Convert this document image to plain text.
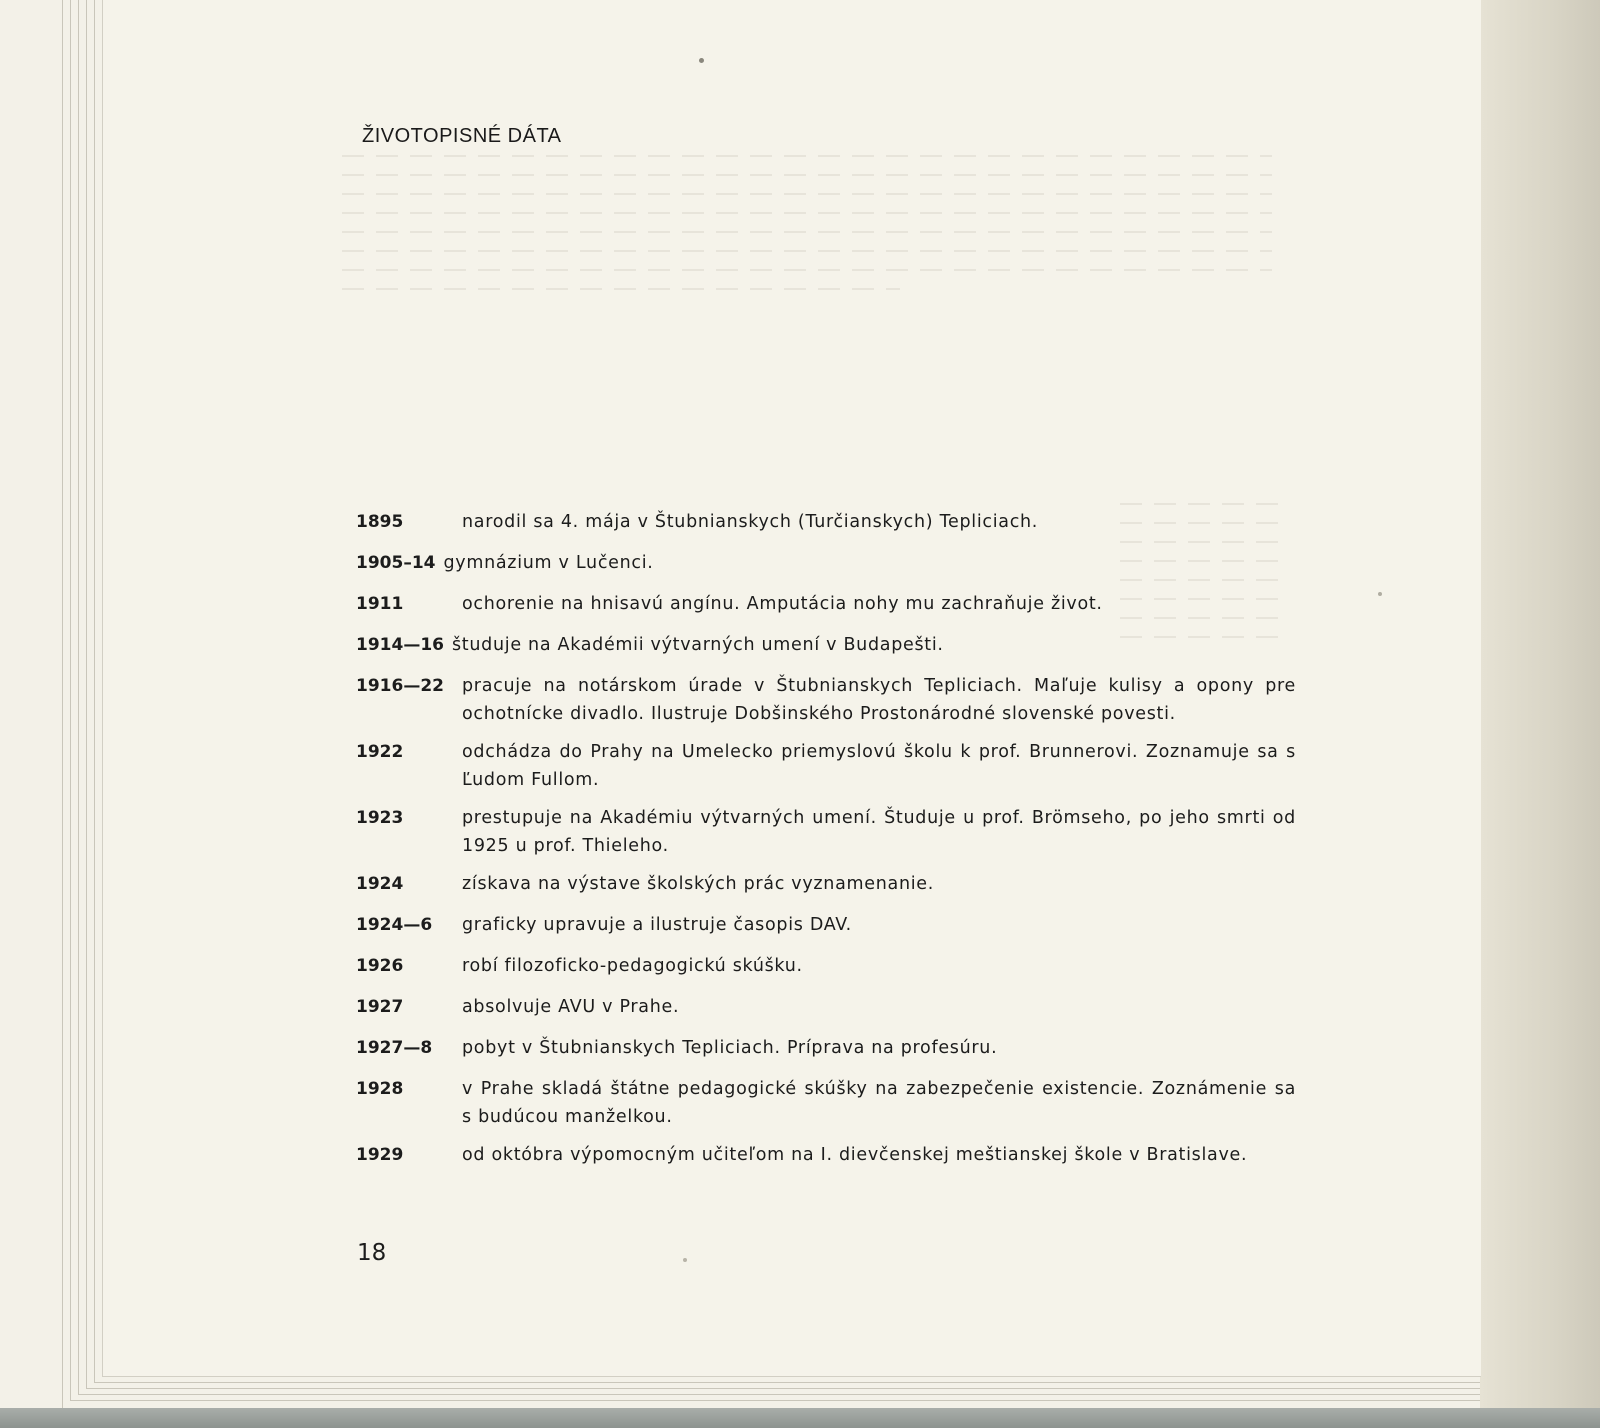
ŽIVOTOPISNÉ DÁTA
1895	narodil sa 4. mája v Štubnianskych (Turčianskych) Tepliciach.
1905–14 gymnázium v Lučenci.
1911	ochorenie na hnisavú angínu. Amputácia nohy mu zachraňuje život.
1914—16 študuje na Akadémii výtvarných umení v Budapešti.
1916—22	pracuje na notárskom úrade v Štubnianskych Tepliciach. Maľuje kulisy a opony pre ochotnícke divadlo. Ilustruje Dobšinského Prostonárodné slovenské povesti.
1922	odchádza do Prahy na Umelecko priemyslovú školu k prof. Brunnerovi. Zoznamuje sa s Ľudom Fullom.
1923	prestupuje na Akadémiu výtvarných umení. Študuje u prof. Brömseho, po jeho smrti od 1925 u prof. Thieleho.
1924	získava na výstave školských prác vyznamenanie.
1924—6	graficky upravuje a ilustruje časopis DAV.
1926	robí filozoficko-pedagogickú skúšku.
1927	absolvuje AVU v Prahe.
1927—8	pobyt v Štubnianskych Tepliciach. Príprava na profesúru.
1928	v Prahe skladá štátne pedagogické skúšky na zabezpečenie existencie. Zoznámenie sa s budúcou manželkou.
1929	od októbra výpomocným učiteľom na I. dievčenskej meštianskej škole v Bratislave.
18
